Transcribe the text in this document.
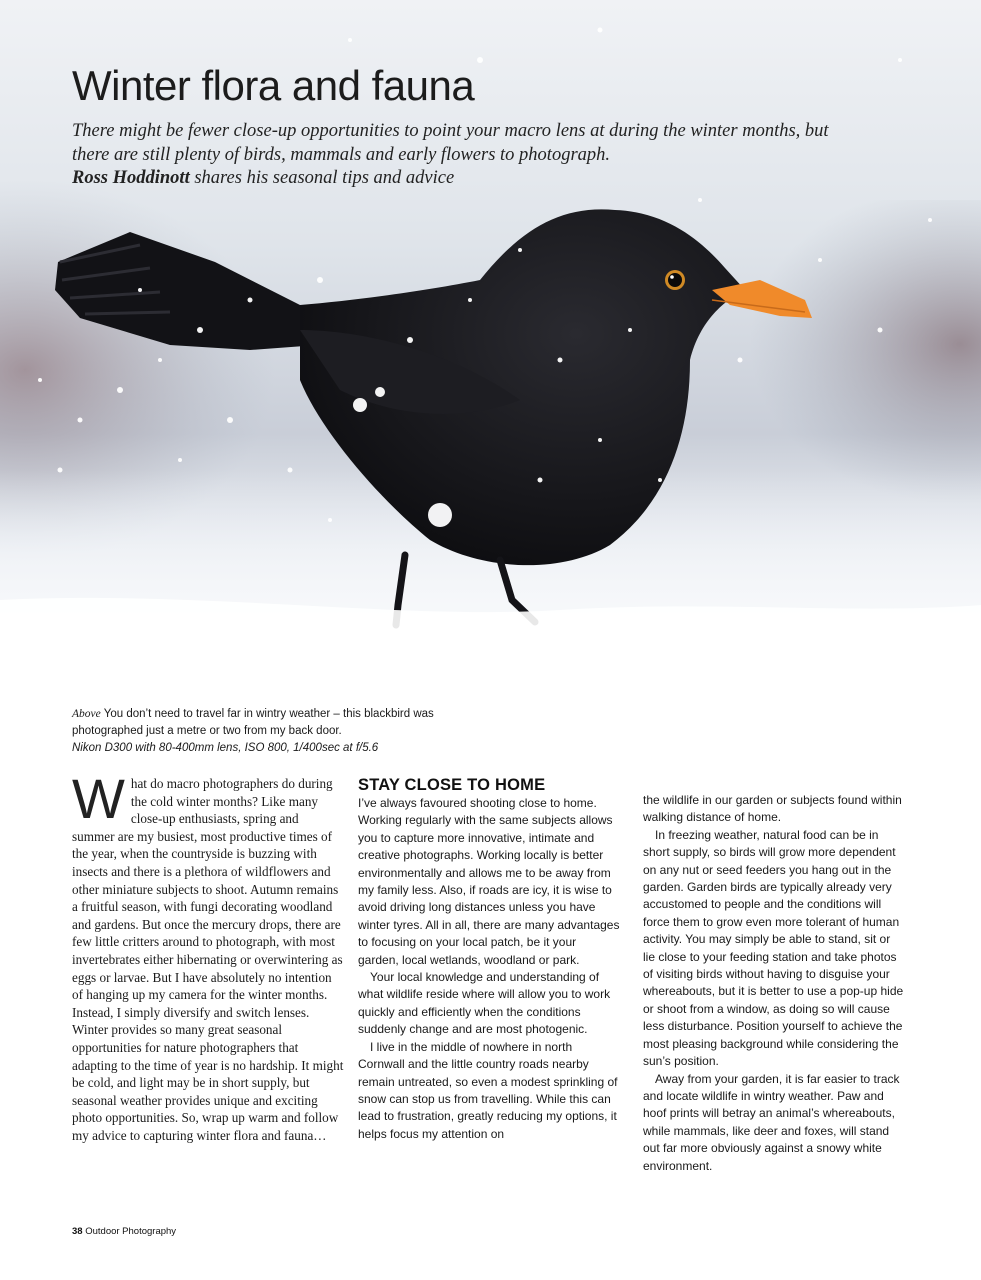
Winter flora and fauna

There might be fewer close-up opportunities to point your macro lens at during the winter months, but there are still plenty of birds, mammals and early flowers to photograph.
Ross Hoddinott shares his seasonal tips and advice

Above You don’t need to travel far in wintry weather – this blackbird was photographed just a metre or two from my back door.
Nikon D300 with 80-400mm lens, ISO 800, 1/400sec at f/5.6
W hat do macro photographers do during the cold winter months? Like many close-up enthusiasts, spring and summer are my busiest, most productive times of the year, when the countryside is buzzing with insects and there is a plethora of wildflowers and other miniature subjects to shoot. Autumn remains a fruitful season, with fungi decorating woodland and gardens. But once the mercury drops, there are few little critters around to photograph, with most invertebrates either hibernating or overwintering as eggs or larvae. But I have absolutely no intention of hanging up my camera for the winter months. Instead, I simply diversify and switch lenses. Winter provides so many great seasonal opportunities for nature photographers that adapting to the time of year is no hardship. It might be cold, and light may be in short supply, but seasonal weather provides unique and exciting photo opportunities. So, wrap up warm and follow my advice to capturing winter flora and fauna…

STAY CLOSE TO HOME

I’ve always favoured shooting close to home. Working regularly with the same subjects allows you to capture more innovative, intimate and creative photographs. Working locally is better environmentally and allows me to be away from my family less. Also, if roads are icy, it is wise to avoid driving long distances unless you have winter tyres. All in all, there are many advantages to focusing on your local patch, be it your garden, local wetlands, woodland or park.

Your local knowledge and understanding of what wildlife reside where will allow you to work quickly and efficiently when the conditions suddenly change and are most photogenic.

I live in the middle of nowhere in north Cornwall and the little country roads nearby remain untreated, so even a modest sprinkling of snow can stop us from travelling. While this can lead to frustration, greatly reducing my options, it helps focus my attention on

the wildlife in our garden or subjects found within walking distance of home.

In freezing weather, natural food can be in short supply, so birds will grow more dependent on any nut or seed feeders you hang out in the garden. Garden birds are typically already very accustomed to people and the conditions will force them to grow even more tolerant of human activity. You may simply be able to stand, sit or lie close to your feeding station and take photos of visiting birds without having to disguise your whereabouts, but it is better to use a pop-up hide or shoot from a window, as doing so will cause less disturbance. Position yourself to achieve the most pleasing background while considering the sun’s position.

Away from your garden, it is far easier to track and locate wildlife in wintry weather. Paw and hoof prints will betray an animal’s whereabouts, while mammals, like deer and foxes, will stand out far more obviously against a snowy white environment.

38 Outdoor Photography
